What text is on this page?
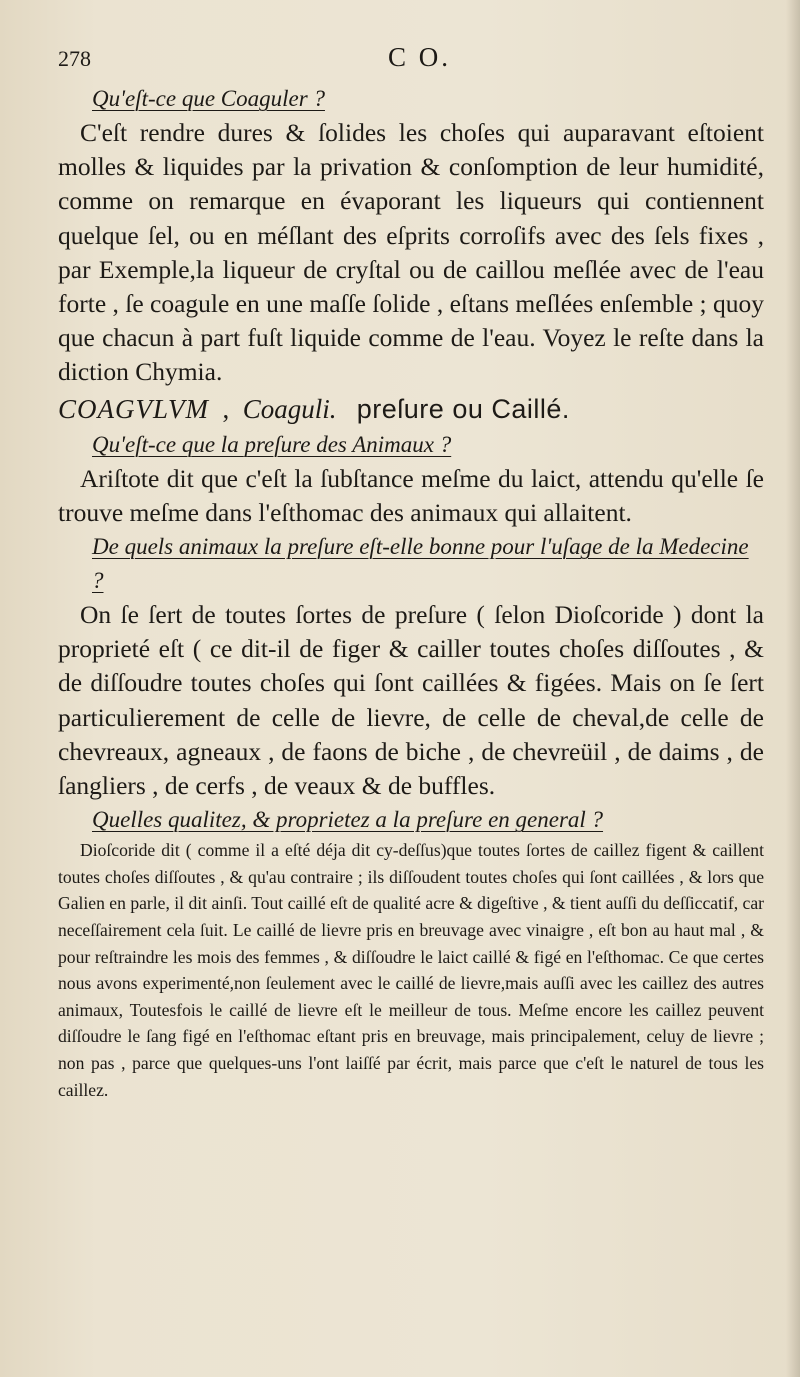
278	C O.

Qu'eſt-ce que Coaguler ?

C'eſt rendre dures & ſolides les choſes qui auparavant eſtoient molles & liquides par la privation & conſomption de leur humidité, comme on remarque en évaporant les liqueurs qui contiennent quelque ſel, ou en méſlant des eſprits corroſifs avec des ſels fixes , par Exemple,la liqueur de cryſtal ou de caillou meſlée avec de l'eau forte , ſe coagule en une maſſe ſolide , eſtans meſlées enſemble ; quoy que chacun à part fuſt liquide comme de l'eau. Voyez le reſte dans la diction Chymia.

COAGVLVM  ,  Coaguli. preſure ou Caillé.

Qu'eſt-ce que la preſure des Animaux ?

Ariſtote dit que c'eſt la ſubſtance meſme du laict, attendu qu'elle ſe trouve meſme dans l'eſthomac des animaux qui allaitent.

De quels animaux la preſure eſt-elle bonne pour l'uſage de la Medecine ?

On ſe ſert de toutes ſortes de preſure ( ſelon Dioſcoride ) dont la proprieté eſt ( ce dit-il de figer & cailler toutes choſes diſſoutes , & de diſſoudre toutes choſes qui ſont caillées & figées. Mais on ſe ſert particulierement de celle de lievre, de celle de cheval,de celle de chevreaux, agneaux , de faons de biche , de chevreüil , de daims , de ſangliers , de cerfs , de veaux & de buffles.

Quelles qualitez, & proprietez a la preſure en general ?

Dioſcoride dit ( comme il a eſté déja dit cy-deſſus)que toutes ſortes de caillez figent & caillent toutes choſes diſſoutes , & qu'au contraire ; ils diſſoudent toutes choſes qui ſont caillées , & lors que Galien en parle, il dit ainſi. Tout caillé eſt de qualité acre & digeſtive , & tient auſſi du deſſiccatif, car neceſſairement cela ſuit. Le caillé de lievre pris en breuvage avec vinaigre , eſt bon au haut mal , & pour reſtraindre les mois des femmes , & diſſoudre le laict caillé & figé en l'eſthomac. Ce que certes nous avons experimenté,non ſeulement avec le caillé de lievre,mais auſſi avec les caillez des autres animaux, Toutesfois le caillé de lievre eſt le meilleur de tous. Meſme encore les caillez peuvent diſſoudre le ſang figé en l'eſthomac eſtant pris en breuvage, mais principalement, celuy de lievre ; non pas , parce que quelques-uns l'ont laiſſé par écrit, mais parce que c'eſt le naturel de tous les caillez.
